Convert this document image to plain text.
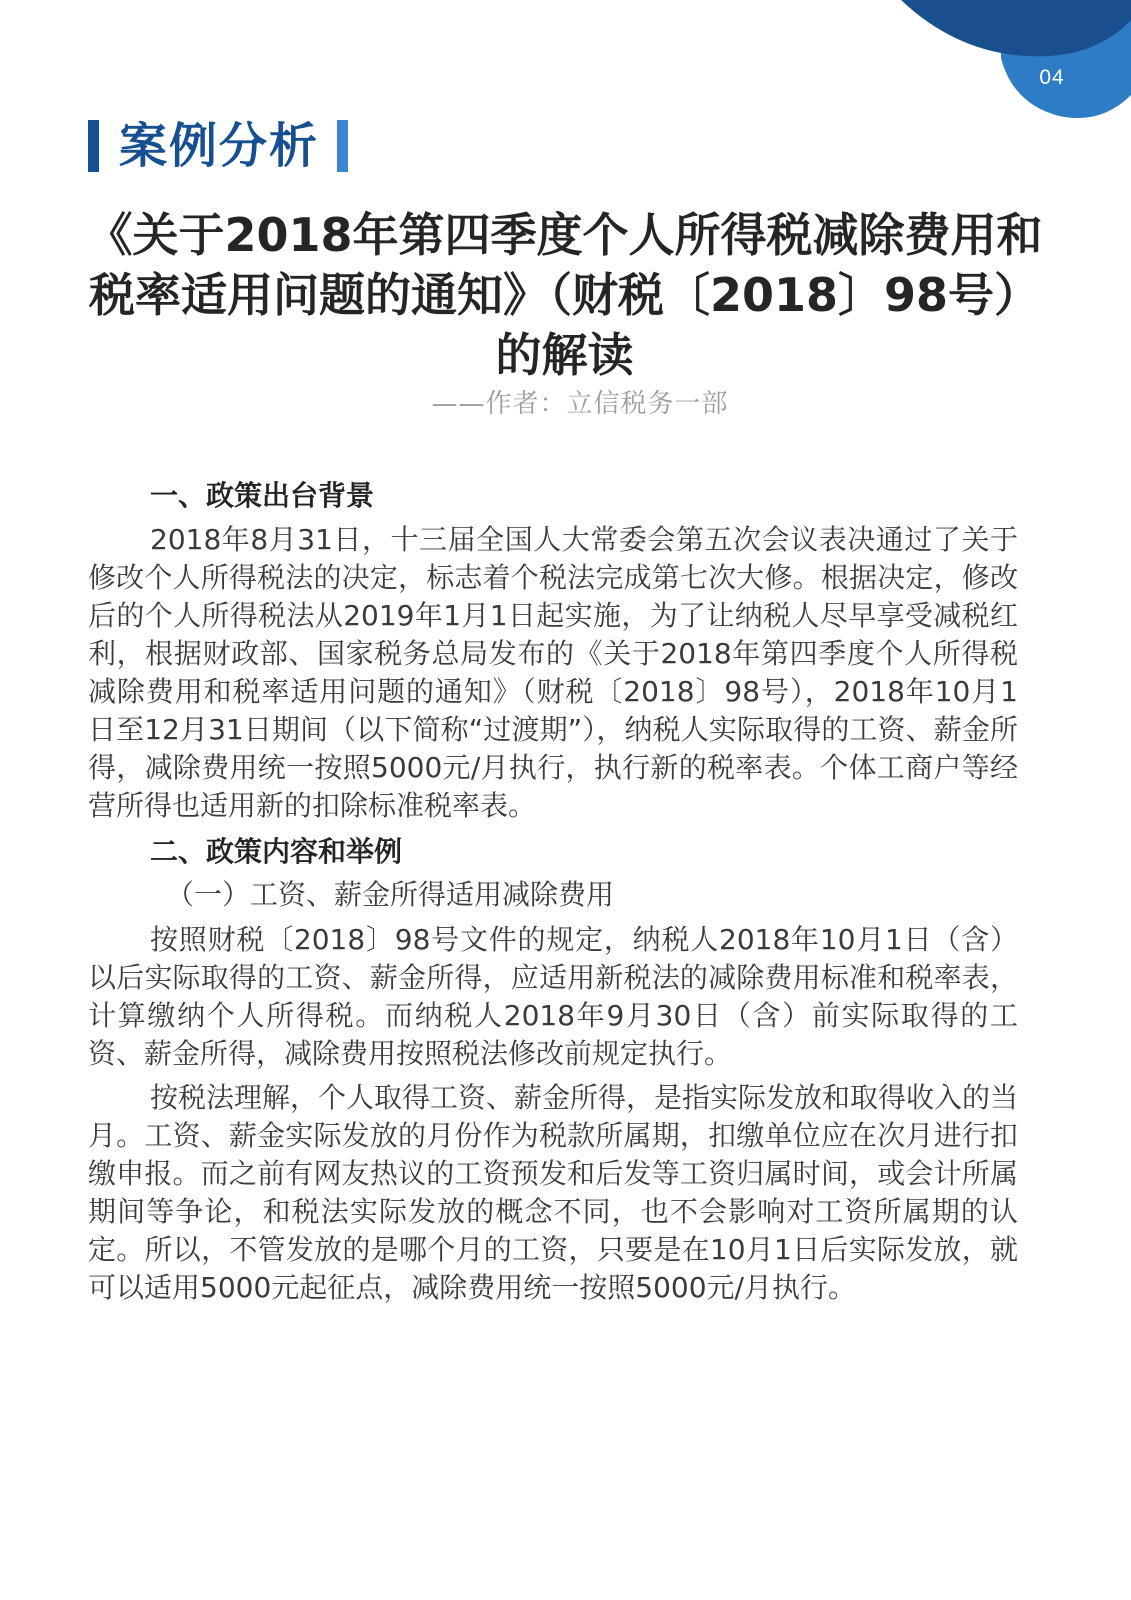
04
案例分析
《关于2018年第四季度个人所得税减除费用和税率适用问题的通知》（财税〔2018〕98号）的解读
——作者：立信税务一部
一、政策出台背景

2018年8月31日，十三届全国人大常委会第五次会议表决通过了关于修改个人所得税法的决定，标志着个税法完成第七次大修。根据决定，修改后的个人所得税法从2019年1月1日起实施，为了让纳税人尽早享受减税红利，根据财政部、国家税务总局发布的《关于2018年第四季度个人所得税减除费用和税率适用问题的通知》（财税〔2018〕98号），2018年10月1日至12月31日期间（以下简称“过渡期”），纳税人实际取得的工资、薪金所得，减除费用统一按照5000元/月执行，执行新的税率表。个体工商户等经营所得也适用新的扣除标准税率表。

二、政策内容和举例
（一）工资、薪金所得适用减除费用

按照财税〔2018〕98号文件的规定，纳税人2018年10月1日（含）以后实际取得的工资、薪金所得，应适用新税法的减除费用标准和税率表，计算缴纳个人所得税。而纳税人2018年9月30日（含）前实际取得的工资、薪金所得，减除费用按照税法修改前规定执行。

按税法理解，个人取得工资、薪金所得，是指实际发放和取得收入的当月。工资、薪金实际发放的月份作为税款所属期，扣缴单位应在次月进行扣缴申报。而之前有网友热议的工资预发和后发等工资归属时间，或会计所属期间等争论，和税法实际发放的概念不同，也不会影响对工资所属期的认定。所以，不管发放的是哪个月的工资，只要是在10月1日后实际发放，就可以适用5000元起征点，减除费用统一按照5000元/月执行。
